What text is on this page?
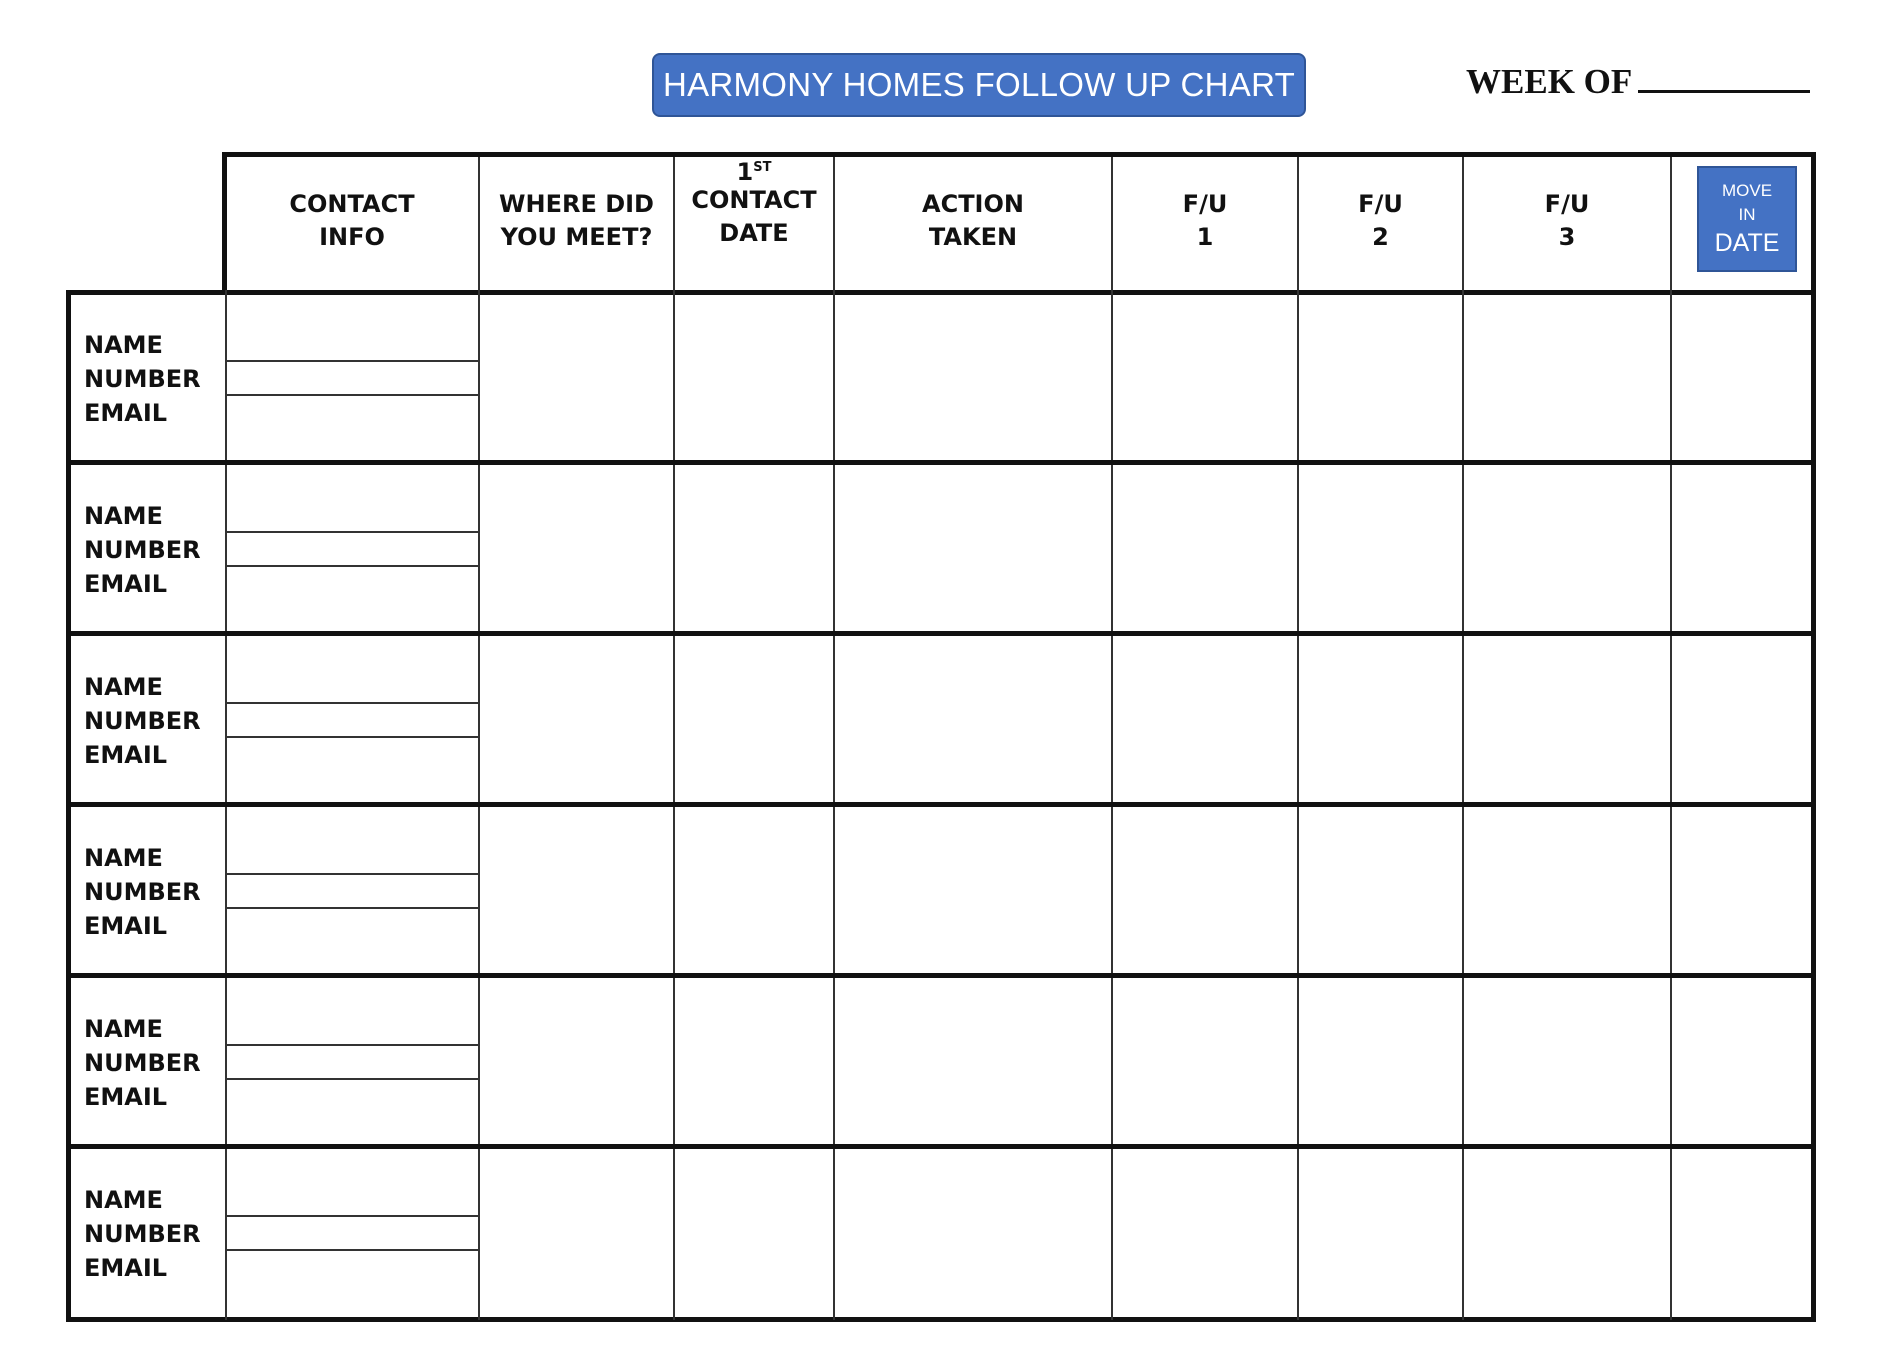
HARMONY HOMES FOLLOW UP CHART	WEEK OF
CONTACT
INFO
WHERE DID
YOU MEET?
1ST
CONTACT
DATE
ACTION
TAKEN
F/U
1
F/U
2
F/U
3
MOVE
IN
DATE
NAME
NUMBER
EMAIL
NAME
NUMBER
EMAIL
NAME
NUMBER
EMAIL
NAME
NUMBER
EMAIL
NAME
NUMBER
EMAIL
NAME
NUMBER
EMAIL
